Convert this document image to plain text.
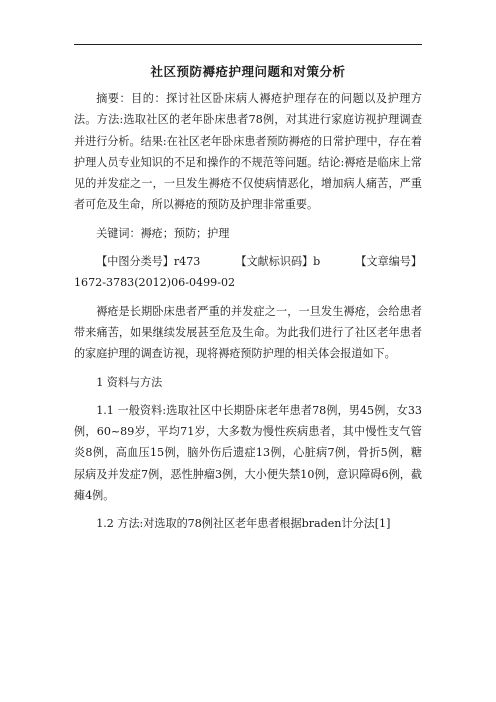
社区预防褥疮护理问题和对策分析

摘要：目的：探讨社区卧床病人褥疮护理存在的问题以及护理方法。方法:选取社区的老年卧床患者78例，对其进行家庭访视护理调查并进行分析。结果:在社区老年卧床患者预防褥疮的日常护理中，存在着护理人员专业知识的不足和操作的不规范等问题。结论:褥疮是临床上常见的并发症之一，一旦发生褥疮不仅使病情恶化，增加病人痛苦，严重者可危及生命，所以褥疮的预防及护理非常重要。

关键词：褥疮；预防；护理

【中图分类号】r473	【文献标识码】b	【文章编号】
1672-3783(2012)06-0499-02

褥疮是长期卧床患者严重的并发症之一，一旦发生褥疮，会给患者带来痛苦，如果继续发展甚至危及生命。为此我们进行了社区老年患者的家庭护理的调查访视，现将褥疮预防护理的相关体会报道如下。

1 资料与方法

1.1 一般资料:选取社区中长期卧床老年患者78例，男45例，女33例，60~89岁，平均71岁，大多数为慢性疾病患者，其中慢性支气管炎8例，高血压15例，脑外伤后遗症13例，心脏病7例，骨折5例，糖尿病及并发症7例，恶性肿瘤3例，大小便失禁10例，意识障碍6例，截瘫4例。

1.2 方法:对选取的78例社区老年患者根据braden计分法[1]
